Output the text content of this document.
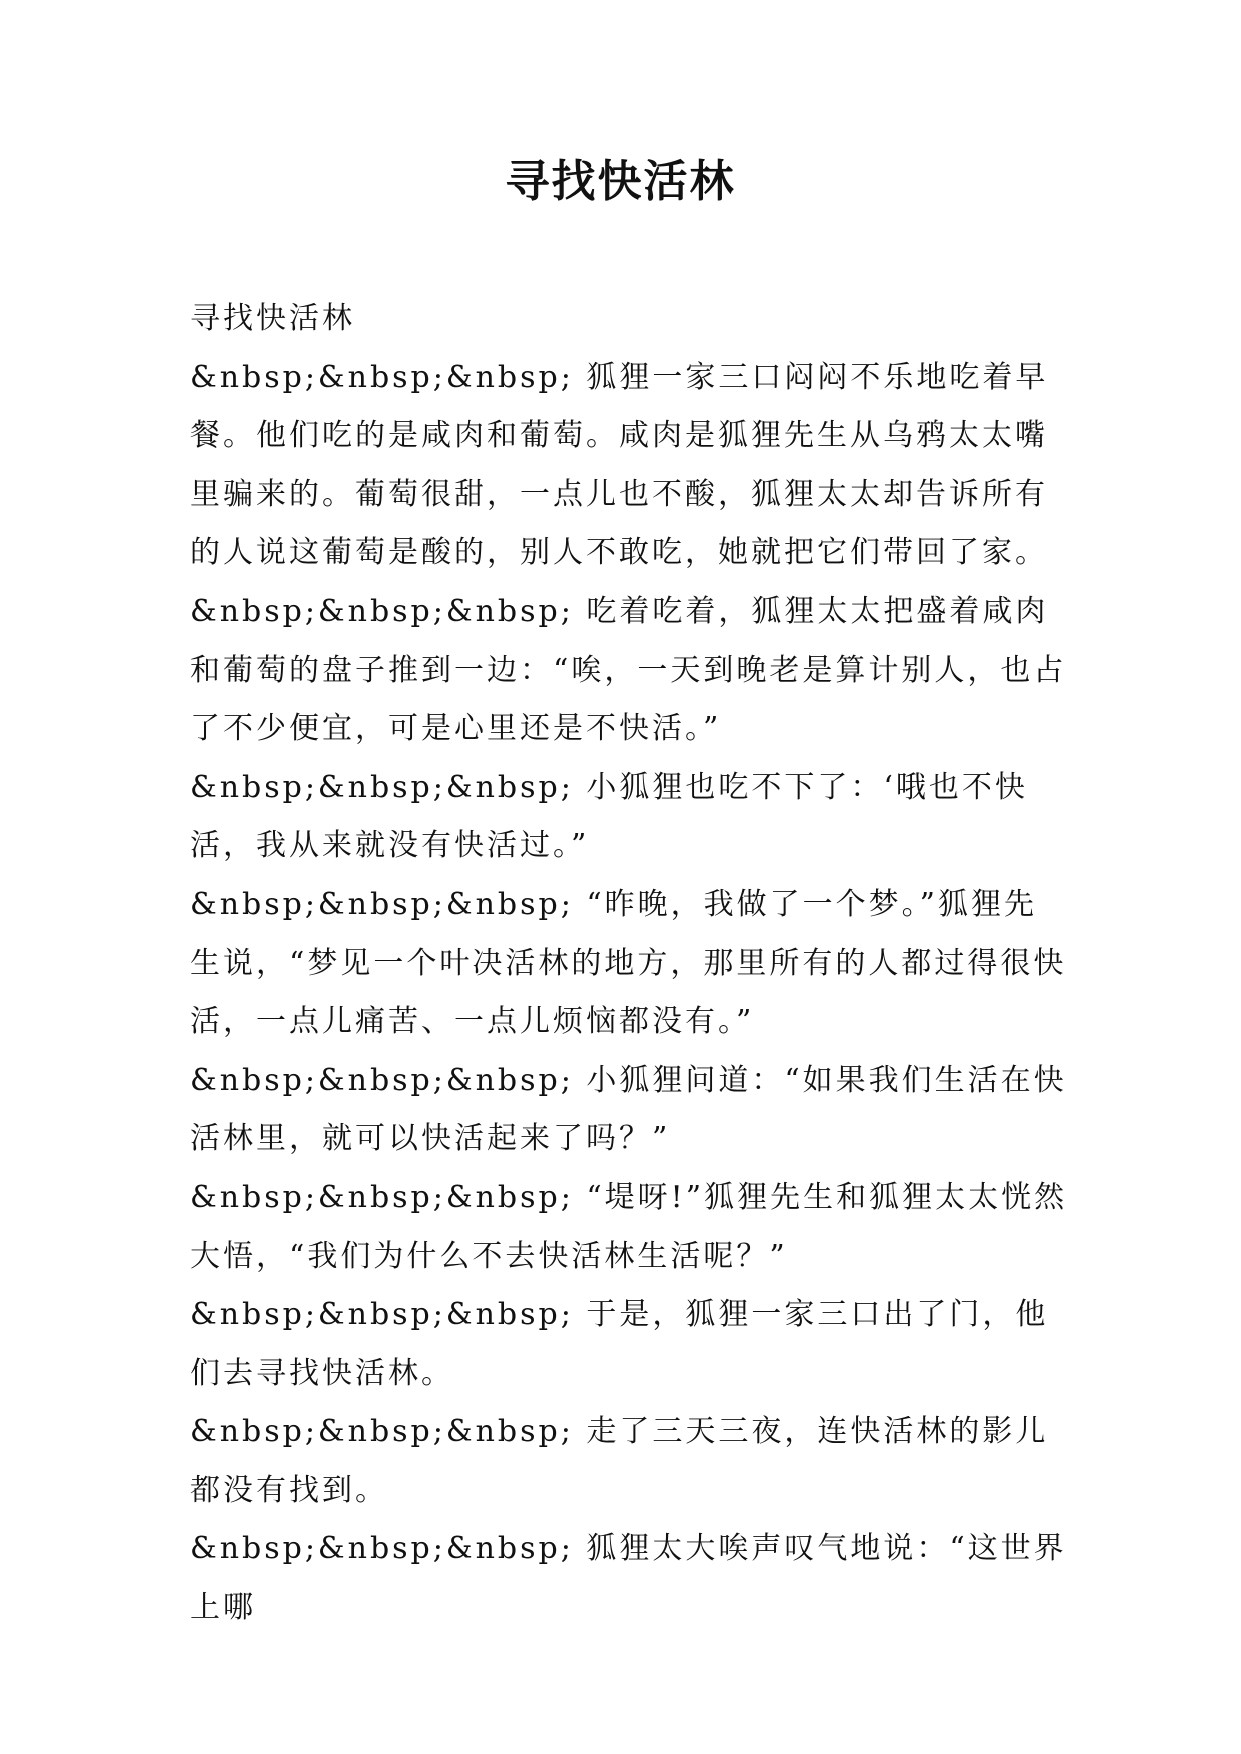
寻找快活林

寻找快活林

&nbsp;&nbsp;&nbsp; 狐狸一家三口闷闷不乐地吃着早餐。他们吃的是咸肉和葡萄。咸肉是狐狸先生从乌鸦太太嘴里骗来的。葡萄很甜，一点儿也不酸，狐狸太太却告诉所有的人说这葡萄是酸的，别人不敢吃，她就把它们带回了家。

&nbsp;&nbsp;&nbsp; 吃着吃着，狐狸太太把盛着咸肉和葡萄的盘子推到一边：“唉，一天到晚老是算计别人，也占了不少便宜，可是心里还是不快活。”

&nbsp;&nbsp;&nbsp; 小狐狸也吃不下了：‘哦也不快活，我从来就没有快活过。”

&nbsp;&nbsp;&nbsp; “昨晚，我做了一个梦。”狐狸先生说，“梦见一个叶决活林的地方，那里所有的人都过得很快活，一点儿痛苦、一点儿烦恼都没有。”

&nbsp;&nbsp;&nbsp; 小狐狸问道：“如果我们生活在快活林里，就可以快活起来了吗？”

&nbsp;&nbsp;&nbsp; “堤呀!”狐狸先生和狐狸太太恍然大悟，“我们为什么不去快活林生活呢？”

&nbsp;&nbsp;&nbsp; 于是，狐狸一家三口出了门，他们去寻找快活林。

&nbsp;&nbsp;&nbsp; 走了三天三夜，连快活林的影儿都没有找到。

&nbsp;&nbsp;&nbsp; 狐狸太大唉声叹气地说：“这世界上哪
